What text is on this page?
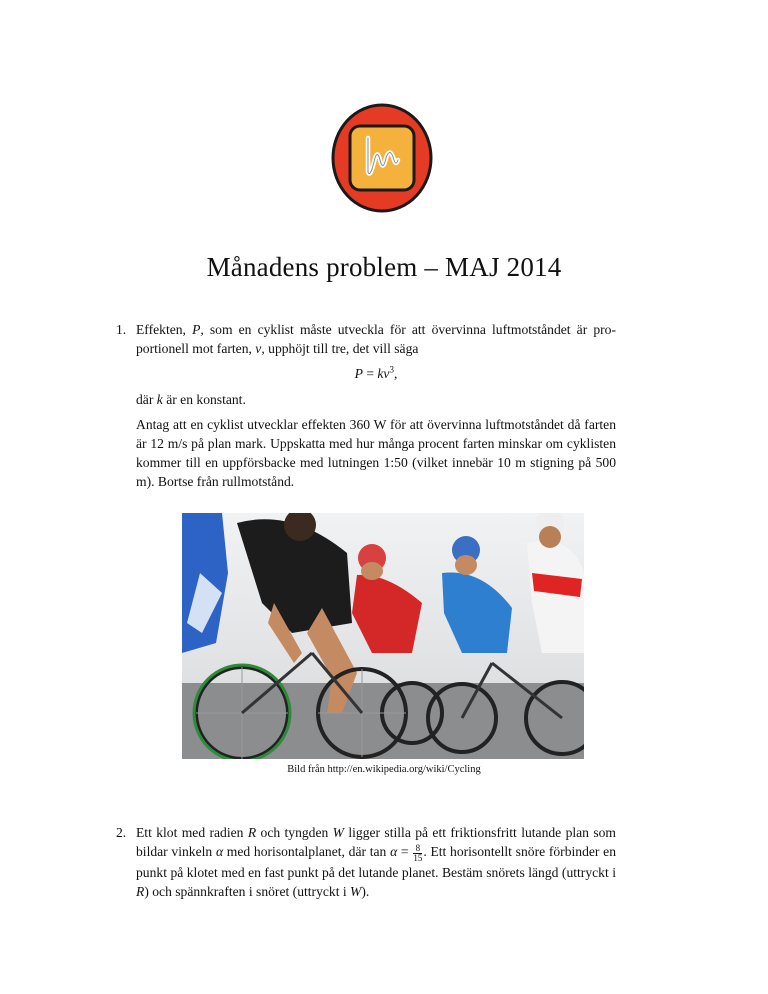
Månadens problem – MAJ 2014
1. Effekten, P, som en cyklist måste utveckla för att övervinna luftmotståndet är pro-portionell mot farten, v, upphöjt till tre, det vill säga

$P = kv^3$,

där k är en konstant.

Antag att en cyklist utvecklar effekten 360 W för att övervinna luftmotståndet då farten är 12 m/s på plan mark. Uppskatta med hur många procent farten minskar om cyklisten kommer till en uppförsbacke med lutningen 1:50 (vilket innebär 10 m stigning på 500 m). Bortse från rullmotstånd.

Bild från http://en.wikipedia.org/wiki/Cycling
2. Ett klot med radien R och tyngden W ligger stilla på ett friktionsfritt lutande plan som bildar vinkeln α med horisontalplanet, där $\tan \alpha = \frac{8}{15}$ . Ett horisontellt snöre förbinder en punkt på klotet med en fast punkt på det lutande planet. Bestäm snörets längd (uttryckt i R) och spännkraften i snöret (uttryckt i W).
